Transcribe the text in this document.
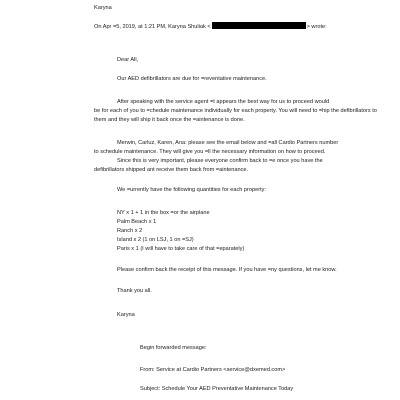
Karyna
On Apr =5, 2019, at 1:21 PM, Karyna Shuliak <	> wrote:
Dear All,
Our AED defibrillators are due for =reventative maintenance.
After speaking with the service agent =t appears the best way for us to proceed would
be for each of you to =chedule maintenance individually for each property. You will need to =hip the defibrillators to
them and they will ship it back once the =aintenance is done.
Merwin, Carluz, Karen, Ana: please see the email below and =all Cardio Partners number
to schedule maintenance. They will give you =ll the necessary information on how to proceed.
Since this is very important, please everyone confirm back to =e once you have the
defibrillators shipped ant receive them back from =aintenance.
We =urrently have the following quantities for each property:
NY x 1 + 1 in the box =or the airplane
Palm Beach x 1
Ranch x 2
Island x 2 (1 on LSJ, 1 on =SJ)
Paris x 1 (I will have to take care of that =eparately)
Please confirm back the receipt of this message. If you have =ny questions, let me know.
Thank you all.
Karyna
Begin forwarded message:
From: Service at Cardio Partners <service@dxemed.com>
Subject: Schedule Your AED Preventative Maintenance Today
